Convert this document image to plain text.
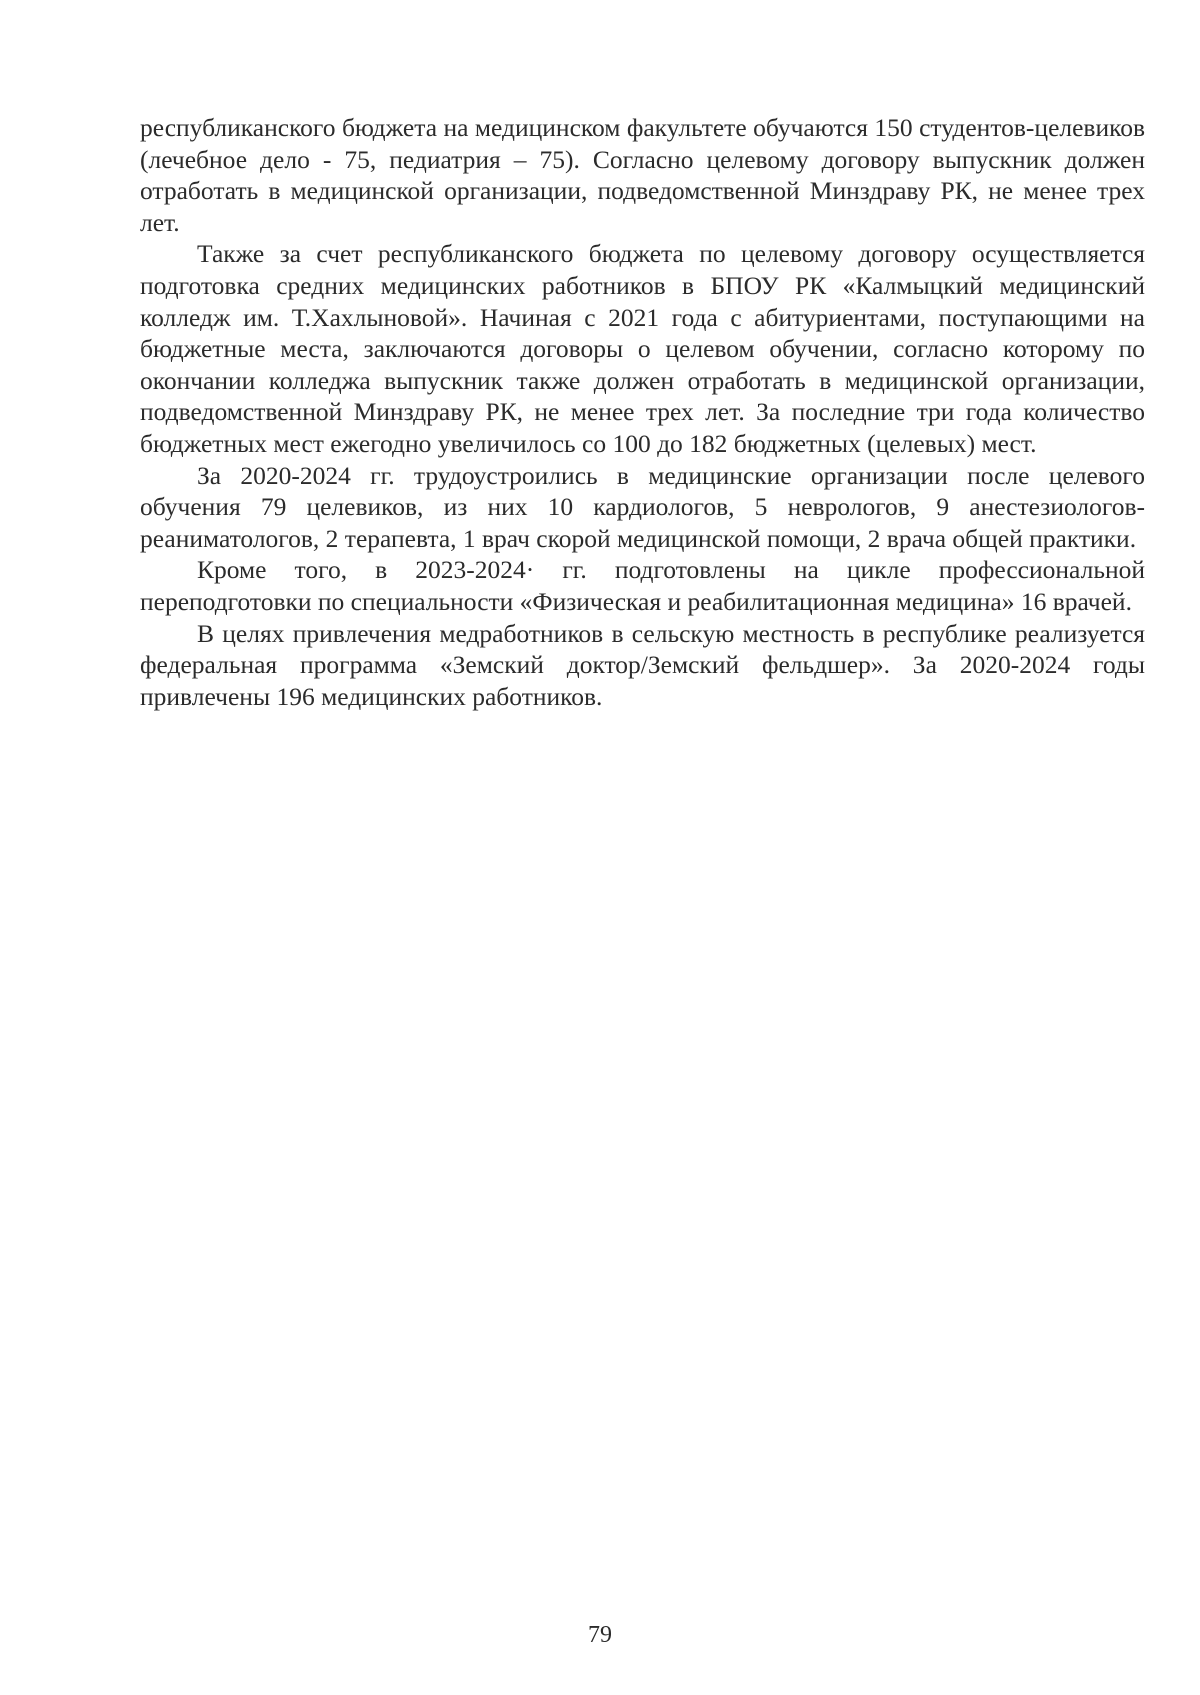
республиканского бюджета на медицинском факультете обучаются 150 студентов-целевиков (лечебное дело - 75, педиатрия – 75). Согласно целевому договору выпускник должен отработать в медицинской организации, подведомственной Минздраву РК, не менее трех лет.

Также за счет республиканского бюджета по целевому договору осуществляется подготовка средних медицинских работников в БПОУ РК «Калмыцкий медицинский колледж им. Т.Хахлыновой». Начиная с 2021 года с абитуриентами, поступающими на бюджетные места, заключаются договоры о целевом обучении, согласно которому по окончании колледжа выпускник также должен отработать в медицинской организации, подведомственной Минздраву РК, не менее трех лет. За последние три года количество бюджетных мест ежегодно увеличилось со 100 до 182 бюджетных (целевых) мест.

За 2020-2024 гг. трудоустроились в медицинские организации после целевого обучения 79 целевиков, из них 10 кардиологов, 5 неврологов, 9 анестезиологов-реаниматологов, 2 терапевта, 1 врач скорой медицинской помощи, 2 врача общей практики.

Кроме того, в 2023-2024· гг. подготовлены на цикле профессиональной переподготовки по специальности «Физическая и реабилитационная медицина» 16 врачей.

В целях привлечения медработников в сельскую местность в республике реализуется федеральная программа «Земский доктор/Земский фельдшер». За 2020-2024 годы привлечены 196 медицинских работников.

79
